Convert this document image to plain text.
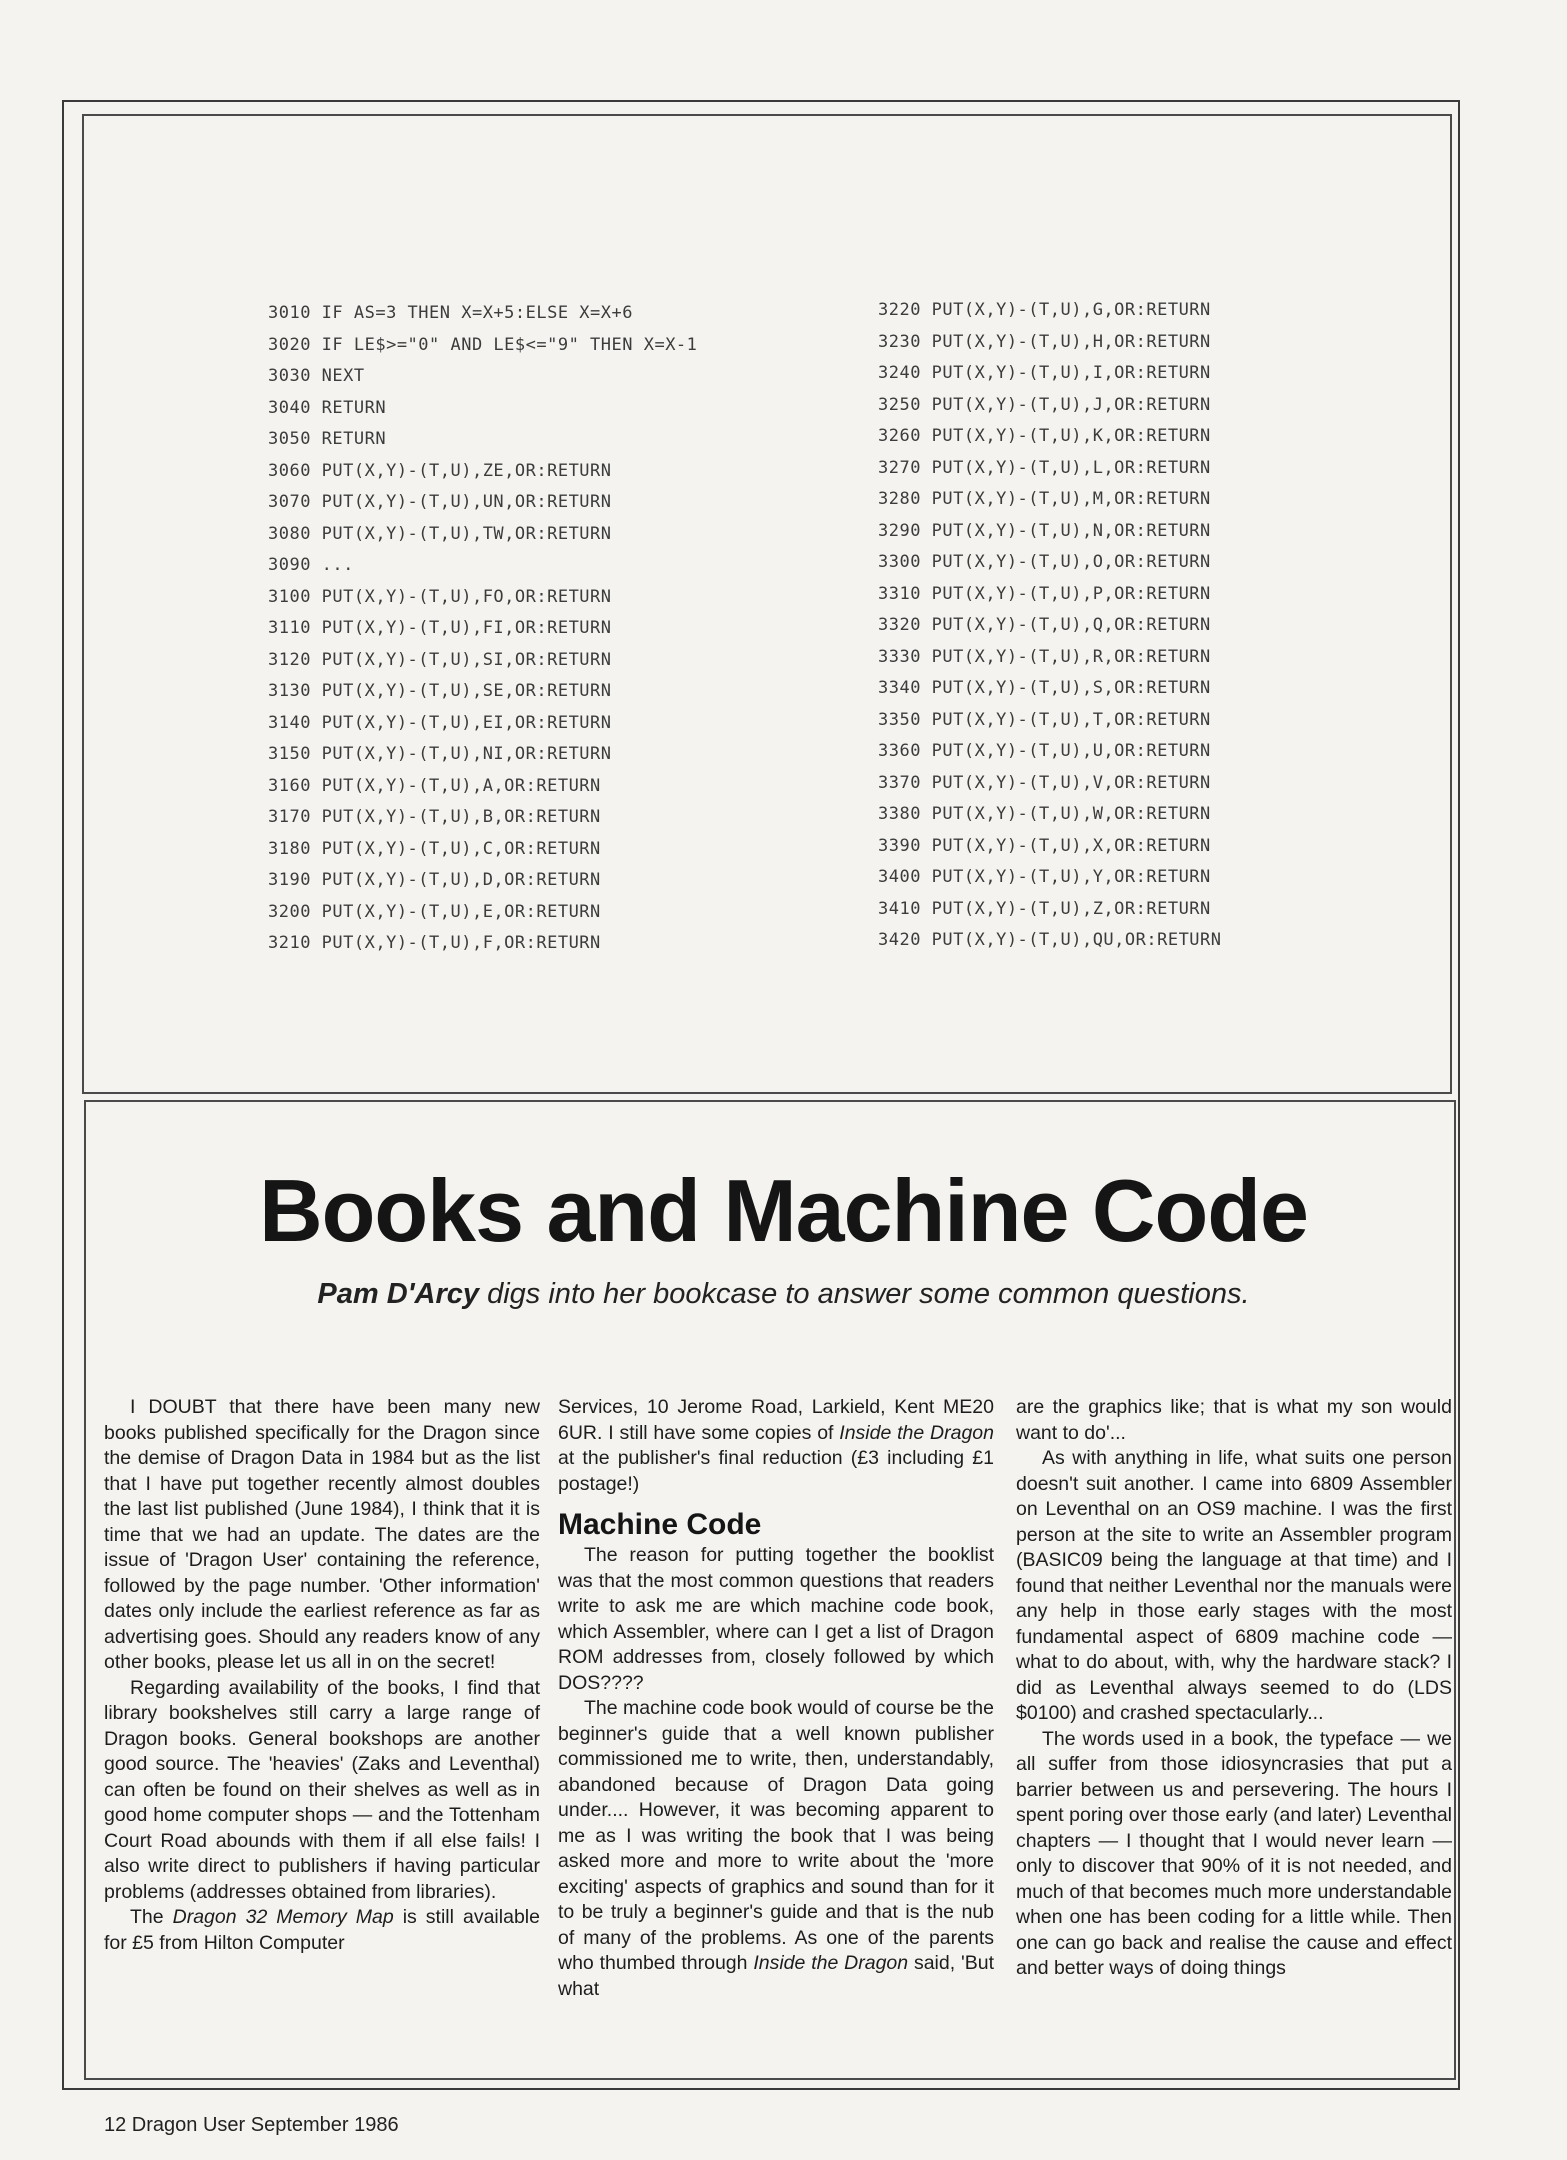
3010 IF AS=3 THEN X=X+5:ELSE X=X+6
3020 IF LE$>="0" AND LE$<="9" THEN X=X-1
3030 NEXT
3040 RETURN
3050 RETURN
3060 PUT(X,Y)-(T,U),ZE,OR:RETURN
3070 PUT(X,Y)-(T,U),UN,OR:RETURN
3080 PUT(X,Y)-(T,U),TW,OR:RETURN
3090 ...
3100 PUT(X,Y)-(T,U),FO,OR:RETURN
3110 PUT(X,Y)-(T,U),FI,OR:RETURN
3120 PUT(X,Y)-(T,U),SI,OR:RETURN
3130 PUT(X,Y)-(T,U),SE,OR:RETURN
3140 PUT(X,Y)-(T,U),EI,OR:RETURN
3150 PUT(X,Y)-(T,U),NI,OR:RETURN
3160 PUT(X,Y)-(T,U),A,OR:RETURN
3170 PUT(X,Y)-(T,U),B,OR:RETURN
3180 PUT(X,Y)-(T,U),C,OR:RETURN
3190 PUT(X,Y)-(T,U),D,OR:RETURN
3200 PUT(X,Y)-(T,U),E,OR:RETURN
3210 PUT(X,Y)-(T,U),F,OR:RETURN
3220 PUT(X,Y)-(T,U),G,OR:RETURN
3230 PUT(X,Y)-(T,U),H,OR:RETURN
3240 PUT(X,Y)-(T,U),I,OR:RETURN
3250 PUT(X,Y)-(T,U),J,OR:RETURN
3260 PUT(X,Y)-(T,U),K,OR:RETURN
3270 PUT(X,Y)-(T,U),L,OR:RETURN
3280 PUT(X,Y)-(T,U),M,OR:RETURN
3290 PUT(X,Y)-(T,U),N,OR:RETURN
3300 PUT(X,Y)-(T,U),O,OR:RETURN
3310 PUT(X,Y)-(T,U),P,OR:RETURN
3320 PUT(X,Y)-(T,U),Q,OR:RETURN
3330 PUT(X,Y)-(T,U),R,OR:RETURN
3340 PUT(X,Y)-(T,U),S,OR:RETURN
3350 PUT(X,Y)-(T,U),T,OR:RETURN
3360 PUT(X,Y)-(T,U),U,OR:RETURN
3370 PUT(X,Y)-(T,U),V,OR:RETURN
3380 PUT(X,Y)-(T,U),W,OR:RETURN
3390 PUT(X,Y)-(T,U),X,OR:RETURN
3400 PUT(X,Y)-(T,U),Y,OR:RETURN
3410 PUT(X,Y)-(T,U),Z,OR:RETURN
3420 PUT(X,Y)-(T,U),QU,OR:RETURN
Books and Machine Code

Pam D'Arcy digs into her bookcase to answer some common questions.

I DOUBT that there have been many new books published specifically for the Dragon since the demise of Dragon Data in 1984 but as the list that I have put together recently almost doubles the last list published (June 1984), I think that it is time that we had an update. The dates are the issue of 'Dragon User' containing the reference, followed by the page number. 'Other information' dates only include the earliest reference as far as advertising goes. Should any readers know of any other books, please let us all in on the secret!

Regarding availability of the books, I find that library bookshelves still carry a large range of Dragon books. General bookshops are another good source. The 'heavies' (Zaks and Leventhal) can often be found on their shelves as well as in good home computer shops — and the Tottenham Court Road abounds with them if all else fails! I also write direct to publishers if having particular problems (addresses obtained from libraries).

The Dragon 32 Memory Map is still available for £5 from Hilton Computer

Services, 10 Jerome Road, Larkield, Kent ME20 6UR. I still have some copies of Inside the Dragon at the publisher's final reduction (£3 including £1 postage!)

Machine Code

The reason for putting together the booklist was that the most common questions that readers write to ask me are which machine code book, which Assembler, where can I get a list of Dragon ROM addresses from, closely followed by which DOS????

The machine code book would of course be the beginner's guide that a well known publisher commissioned me to write, then, understandably, abandoned because of Dragon Data going under.... However, it was becoming apparent to me as I was writing the book that I was being asked more and more to write about the 'more exciting' aspects of graphics and sound than for it to be truly a beginner's guide and that is the nub of many of the problems. As one of the parents who thumbed through Inside the Dragon said, 'But what

are the graphics like; that is what my son would want to do'...

As with anything in life, what suits one person doesn't suit another. I came into 6809 Assembler on Leventhal on an OS9 machine. I was the first person at the site to write an Assembler program (BASIC09 being the language at that time) and I found that neither Leventhal nor the manuals were any help in those early stages with the most fundamental aspect of 6809 machine code — what to do about, with, why the hardware stack? I did as Leventhal always seemed to do (LDS $0100) and crashed spectacularly...

The words used in a book, the typeface — we all suffer from those idiosyncrasies that put a barrier between us and persevering. The hours I spent poring over those early (and later) Leventhal chapters — I thought that I would never learn — only to discover that 90% of it is not needed, and much of that becomes much more understandable when one has been coding for a little while. Then one can go back and realise the cause and effect and better ways of doing things

12 Dragon User September 1986
